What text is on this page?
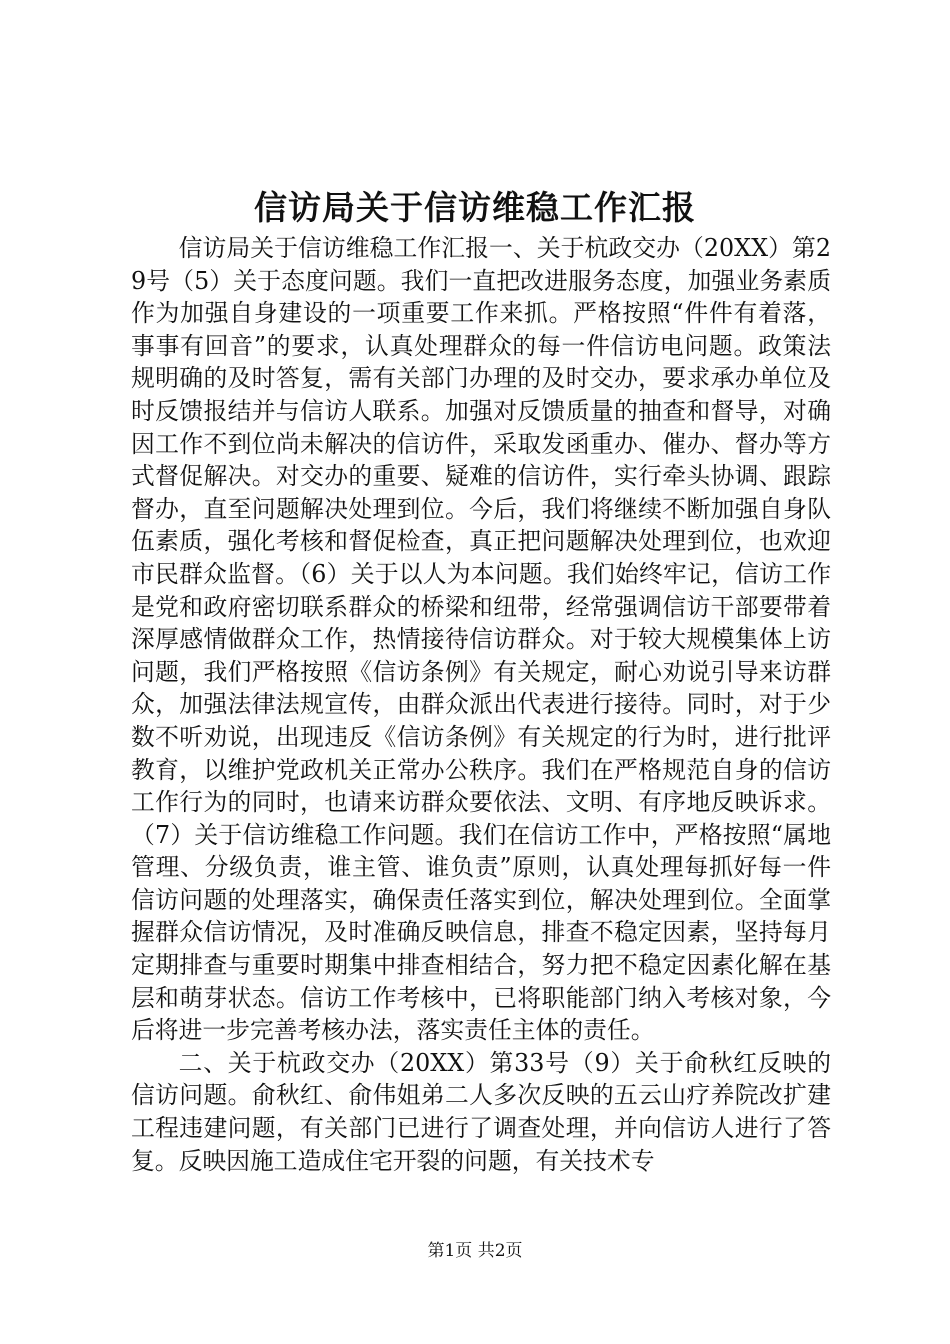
信访局关于信访维稳工作汇报

信访局关于信访维稳工作汇报一、关于杭政交办（20XX）第29号（5）关于态度问题。我们一直把改进服务态度，加强业务素质作为加强自身建设的一项重要工作来抓。严格按照“件件有着落，事事有回音”的要求，认真处理群众的每一件信访电问题。政策法规明确的及时答复，需有关部门办理的及时交办，要求承办单位及时反馈报结并与信访人联系。加强对反馈质量的抽查和督导，对确因工作不到位尚未解决的信访件，采取发函重办、催办、督办等方式督促解决。对交办的重要、疑难的信访件，实行牵头协调、跟踪督办，直至问题解决处理到位。今后，我们将继续不断加强自身队伍素质，强化考核和督促检查，真正把问题解决处理到位，也欢迎市民群众监督。（6）关于以人为本问题。我们始终牢记，信访工作是党和政府密切联系群众的桥梁和纽带，经常强调信访干部要带着深厚感情做群众工作，热情接待信访群众。对于较大规模集体上访问题，我们严格按照《信访条例》有关规定，耐心劝说引导来访群众，加强法律法规宣传，由群众派出代表进行接待。同时，对于少数不听劝说，出现违反《信访条例》有关规定的行为时，进行批评教育，以维护党政机关正常办公秩序。我们在严格规范自身的信访工作行为的同时，也请来访群众要依法、文明、有序地反映诉求。（7）关于信访维稳工作问题。我们在信访工作中，严格按照“属地管理、分级负责，谁主管、谁负责”原则，认真处理每抓好每一件信访问题的处理落实，确保责任落实到位，解决处理到位。全面掌握群众信访情况，及时准确反映信息，排查不稳定因素，坚持每月定期排查与重要时期集中排查相结合，努力把不稳定因素化解在基层和萌芽状态。信访工作考核中，已将职能部门纳入考核对象，今后将进一步完善考核办法，落实责任主体的责任。

二、关于杭政交办（20XX）第33号（9）关于俞秋红反映的信访问题。俞秋红、俞伟姐弟二人多次反映的五云山疗养院改扩建工程违建问题，有关部门已进行了调查处理，并向信访人进行了答复。反映因施工造成住宅开裂的问题，有关技术专

第1页 共2页
